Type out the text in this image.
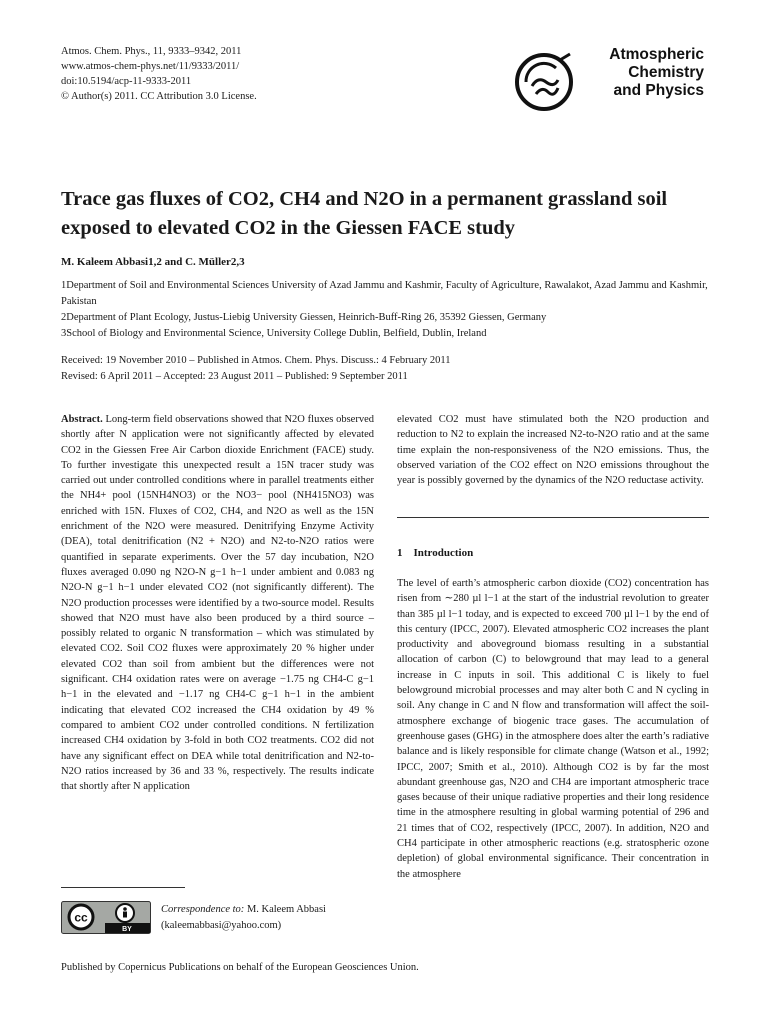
Atmos. Chem. Phys., 11, 9333–9342, 2011
www.atmos-chem-phys.net/11/9333/2011/
doi:10.5194/acp-11-9333-2011
© Author(s) 2011. CC Attribution 3.0 License.
EGU
Atmospheric
Chemistry
and Physics
Trace gas fluxes of CO2, CH4 and N2O in a permanent grassland soil
exposed to elevated CO2 in the Giessen FACE study
M. Kaleem Abbasi1,2 and C. Müller2,3
1Department of Soil and Environmental Sciences University of Azad Jammu and Kashmir, Faculty of Agriculture, Rawalakot, Azad Jammu and Kashmir, Pakistan
2Department of Plant Ecology, Justus-Liebig University Giessen, Heinrich-Buff-Ring 26, 35392 Giessen, Germany
3School of Biology and Environmental Science, University College Dublin, Belfield, Dublin, Ireland
Received: 19 November 2010 – Published in Atmos. Chem. Phys. Discuss.: 4 February 2011
Revised: 6 April 2011 – Accepted: 23 August 2011 – Published: 9 September 2011

Abstract. Long-term field observations showed that N2O fluxes observed shortly after N application were not significantly affected by elevated CO2 in the Giessen Free Air Carbon dioxide Enrichment (FACE) study. To further investigate this unexpected result a 15N tracer study was carried out under controlled conditions where in parallel treatments either the NH4+ pool (15NH4NO3) or the NO3− pool (NH415NO3) was enriched with 15N. Fluxes of CO2, CH4, and N2O as well as the 15N enrichment of the N2O were measured. Denitrifying Enzyme Activity (DEA), total denitrification (N2 + N2O) and N2-to-N2O ratios were quantified in separate experiments. Over the 57 day incubation, N2O fluxes averaged 0.090 ng N2O-N g−1 h−1 under ambient and 0.083 ng N2O-N g−1 h−1 under elevated CO2 (not significantly different). The N2O production processes were identified by a two-source model. Results showed that N2O must have also been produced by a third source – possibly related to organic N transformation – which was stimulated by elevated CO2. Soil CO2 fluxes were approximately 20 % higher under elevated CO2 than soil from ambient but the differences were not significant. CH4 oxidation rates were on average −1.75 ng CH4-C g−1 h−1 in the elevated and −1.17 ng CH4-C g−1 h−1 in the ambient indicating that elevated CO2 increased the CH4 oxidation by 49 % compared to ambient CO2 under controlled conditions. N fertilization increased CH4 oxidation by 3-fold in both CO2 treatments. CO2 did not have any significant effect on DEA while total denitrification and N2-to-N2O ratios increased by 36 and 33 %, respectively. The results indicate that shortly after N application

elevated CO2 must have stimulated both the N2O production and reduction to N2 to explain the increased N2-to-N2O ratio and at the same time explain the non-responsiveness of the N2O emissions. Thus, the observed variation of the CO2 effect on N2O emissions throughout the year is possibly governed by the dynamics of the N2O reductase activity.

1 Introduction

The level of earth’s atmospheric carbon dioxide (CO2) concentration has risen from ∼280 µl l−1 at the start of the industrial revolution to greater than 385 µl l−1 today, and is expected to exceed 700 µl l−1 by the end of this century (IPCC, 2007). Elevated atmospheric CO2 increases the plant productivity and aboveground biomass resulting in a substantial allocation of carbon (C) to belowground that may lead to a general increase in C inputs in soil. This additional C is likely to fuel belowground microbial processes and may alter both C and N cycling in soil. Any change in C and N flow and transformation will affect the soil-atmosphere exchange of biogenic trace gases. The accumulation of greenhouse gases (GHG) in the atmosphere does alter the earth’s radiative balance and is likely responsible for climate change (Watson et al., 1992; IPCC, 2007; Smith et al., 2010). Although CO2 is by far the most abundant greenhouse gas, N2O and CH4 are important atmospheric trace gases because of their unique radiative properties and their long residence time in the atmosphere resulting in global warming potential of 296 and 21 times that of CO2, respectively (IPCC, 2007). In addition, N2O and CH4 participate in other atmospheric reactions (e.g. stratospheric ozone depletion) of global environmental significance. Their concentration in the atmosphere

cc
BY
Correspondence to: M. Kaleem Abbasi
(kaleemabbasi@yahoo.com)
Published by Copernicus Publications on behalf of the European Geosciences Union.
